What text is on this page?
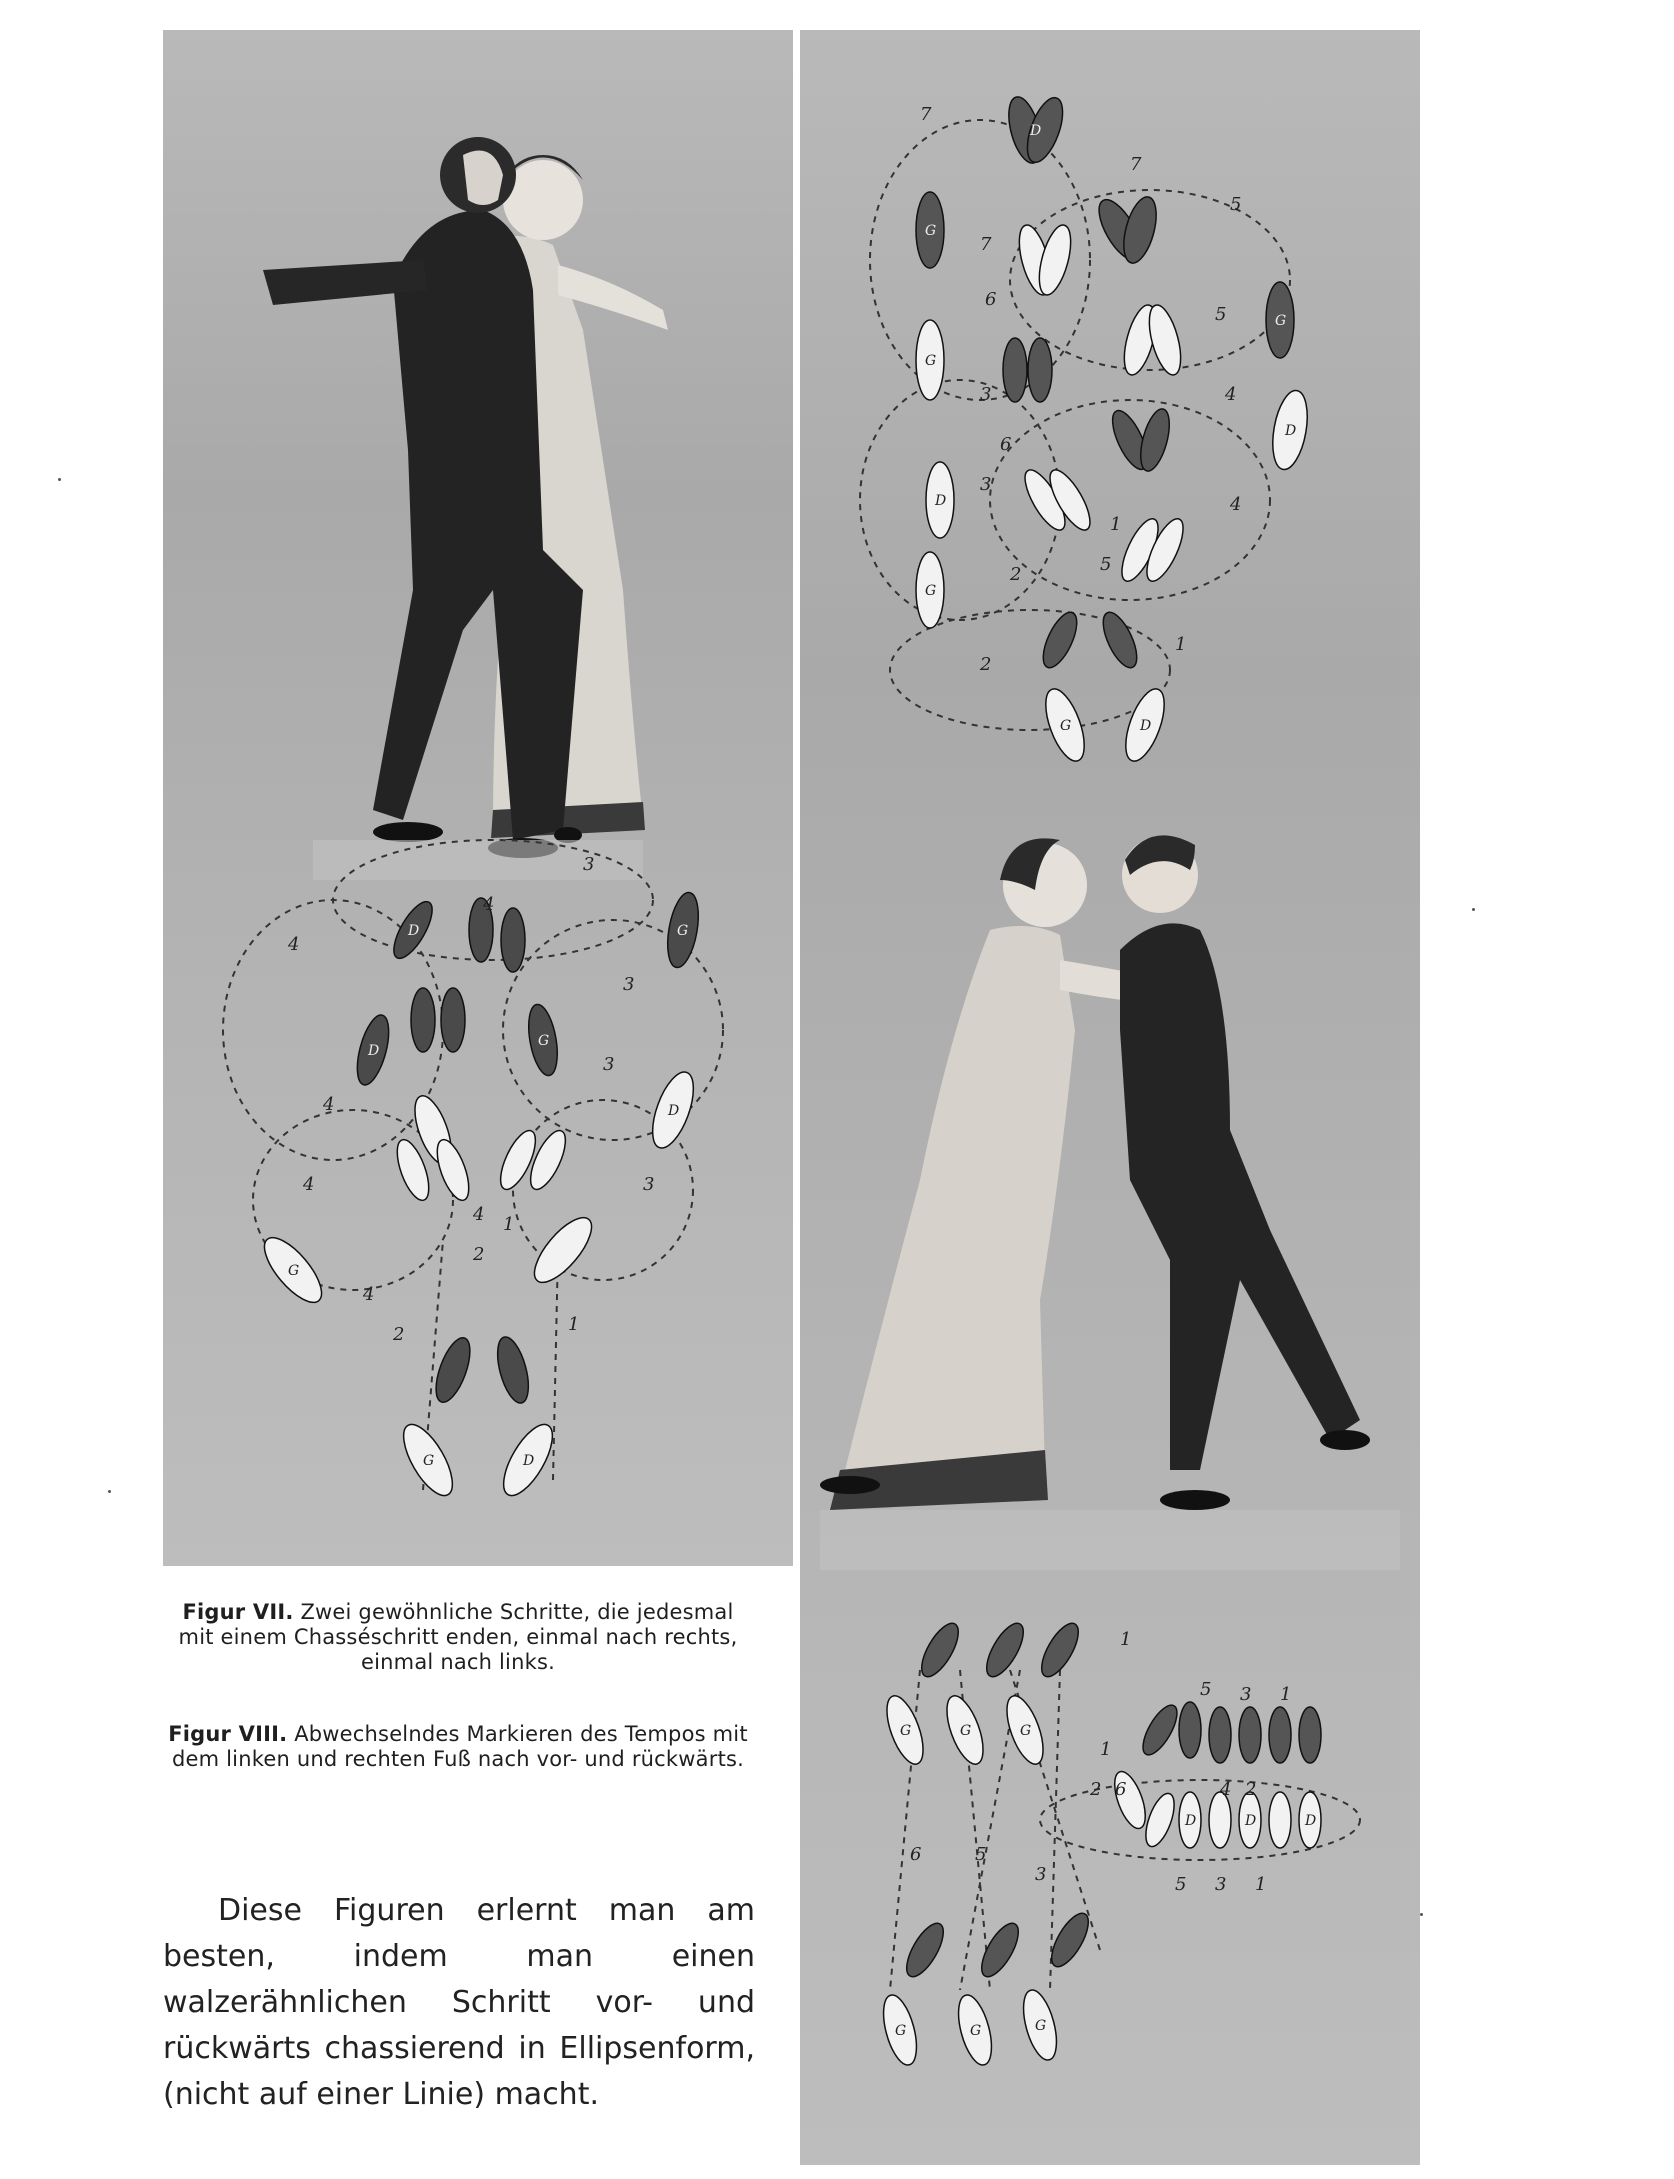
4
4
3
3
3
4
4	3
4 1
2
4
2	1
D	G
D
G
D
G
G	D
7
7
5
7
6
5
4
3
6
3
4
1
5
2
1
2
D
G
G
G
D
D
G
G	D
1
5 3 1
1
2 6	4 2
6	5
3	5 3 1
G	G	G
D	D	D
G	G	G
Figur VII. Zwei gewöhnliche Schritte, die jedesmal mit einem Chasséschritt enden, einmal nach rechts, einmal nach links.
Figur VIII. Abwechselndes Markieren des Tempos mit dem linken und rechten Fuß nach vor- und rückwärts.

Diese Figuren erlernt man am besten, indem man einen walzerähnlichen Schritt vor- und rückwärts chassierend in Ellipsenform, (nicht auf einer Linie) macht.
